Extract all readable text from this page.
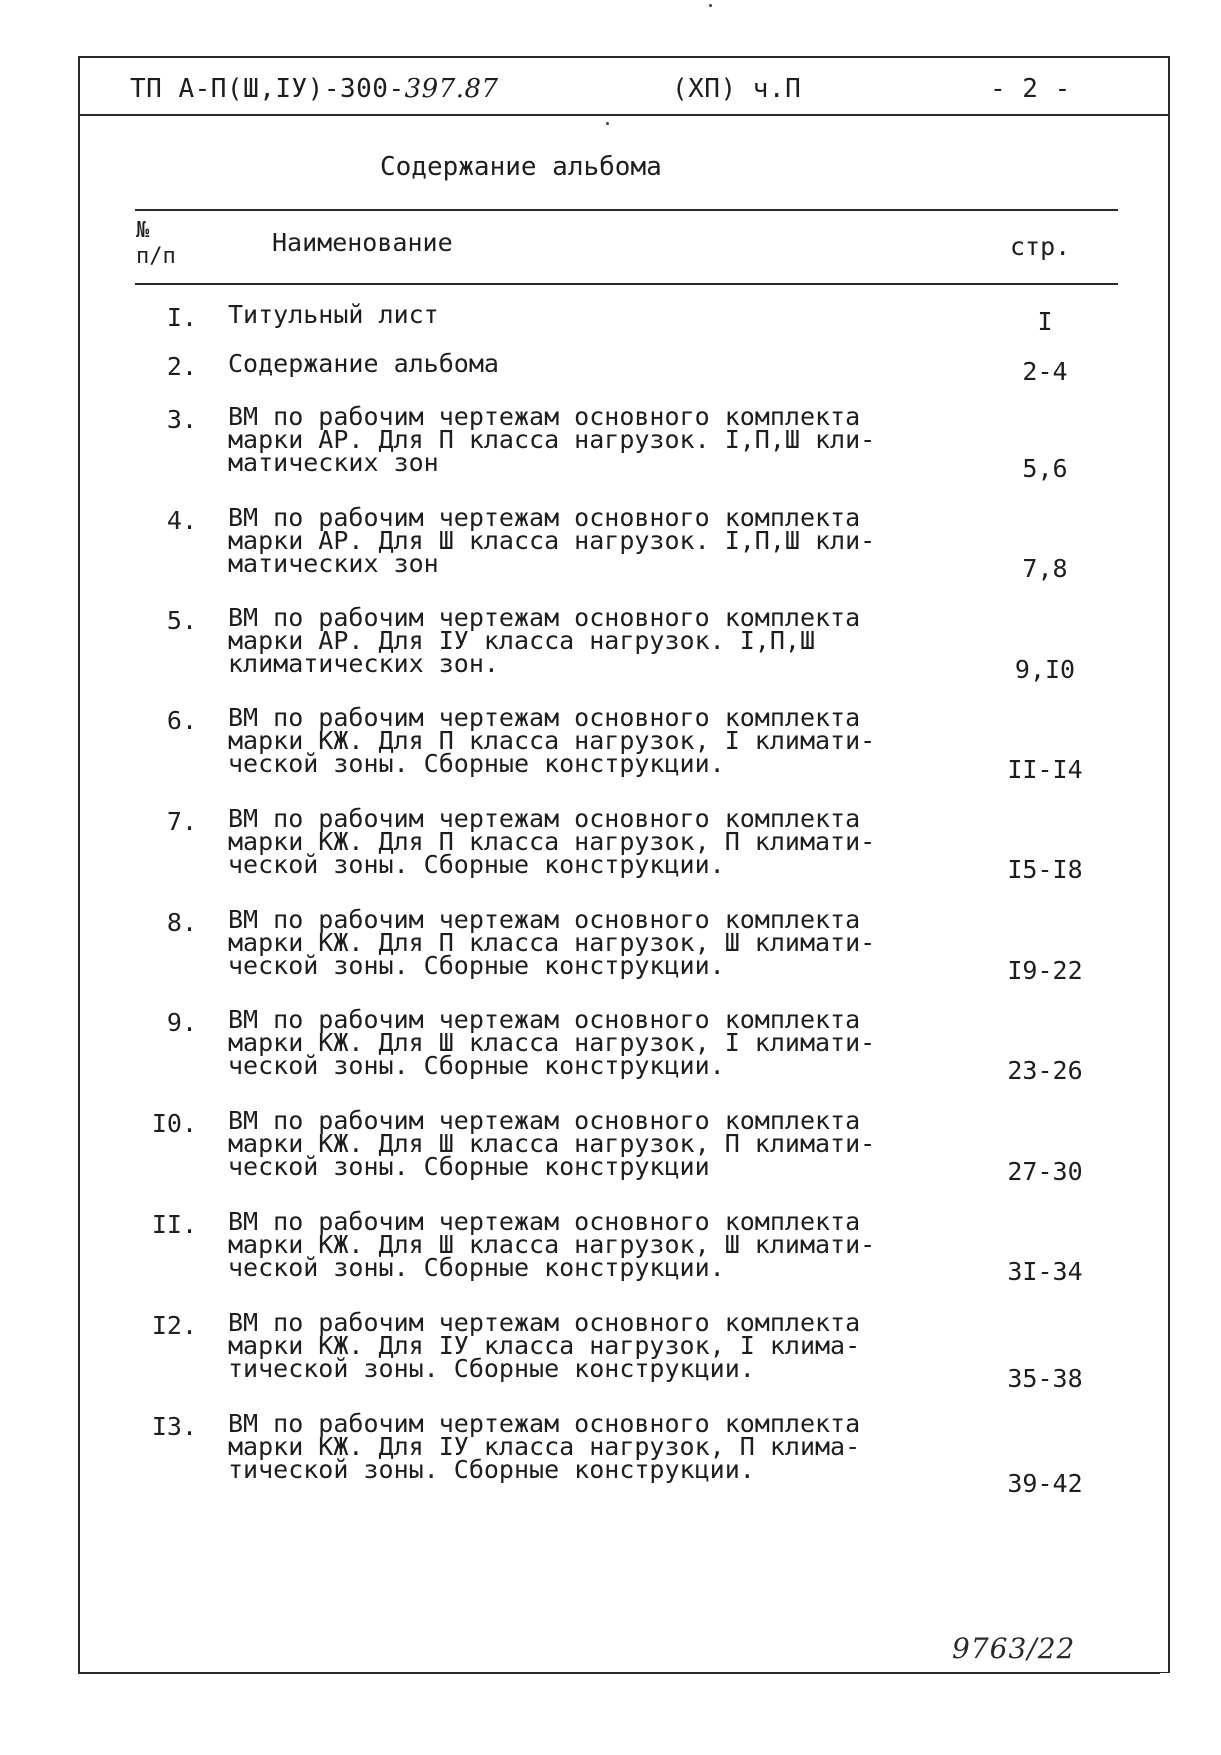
ТП А-П(Ш,IУ)-300-397.87	(ХП) ч.П	- 2 -
Содержание альбома
№
п/п	Наименование	стр.
I. Титульный лист	I
2. Содержание альбома	2-4
3. ВМ по рабочим чертежам основного комплекта
марки АР. Для П класса нагрузок. I,П,Ш кли-
матических зон	5,6
4. ВМ по рабочим чертежам основного комплекта
марки АР. Для Ш класса нагрузок. I,П,Ш кли-
матических зон	7,8
5. ВМ по рабочим чертежам основного комплекта
марки АР. Для IУ класса нагрузок. I,П,Ш
климатических зон.	9,I0
6. ВМ по рабочим чертежам основного комплекта
марки КЖ. Для П класса нагрузок, I климати-
ческой зоны. Сборные конструкции.	II-I4
7. ВМ по рабочим чертежам основного комплекта
марки КЖ. Для П класса нагрузок, П климати-
ческой зоны. Сборные конструкции.	I5-I8
8. ВМ по рабочим чертежам основного комплекта
марки КЖ. Для П класса нагрузок, Ш климати-
ческой зоны. Сборные конструкции.	I9-22
9. ВМ по рабочим чертежам основного комплекта
марки КЖ. Для Ш класса нагрузок, I климати-
ческой зоны. Сборные конструкции.	23-26
I0. ВМ по рабочим чертежам основного комплекта
марки КЖ. Для Ш класса нагрузок, П климати-
ческой зоны. Сборные конструкции	27-30
II. ВМ по рабочим чертежам основного комплекта
марки КЖ. Для Ш класса нагрузок, Ш климати-
ческой зоны. Сборные конструкции.	3I-34
I2. ВМ по рабочим чертежам основного комплекта
марки КЖ. Для IУ класса нагрузок, I клима-
тической зоны. Сборные конструкции.	35-38
I3. ВМ по рабочим чертежам основного комплекта
марки КЖ. Для IУ класса нагрузок, П клима-
тической зоны. Сборные конструкции.	39-42
9763/22
